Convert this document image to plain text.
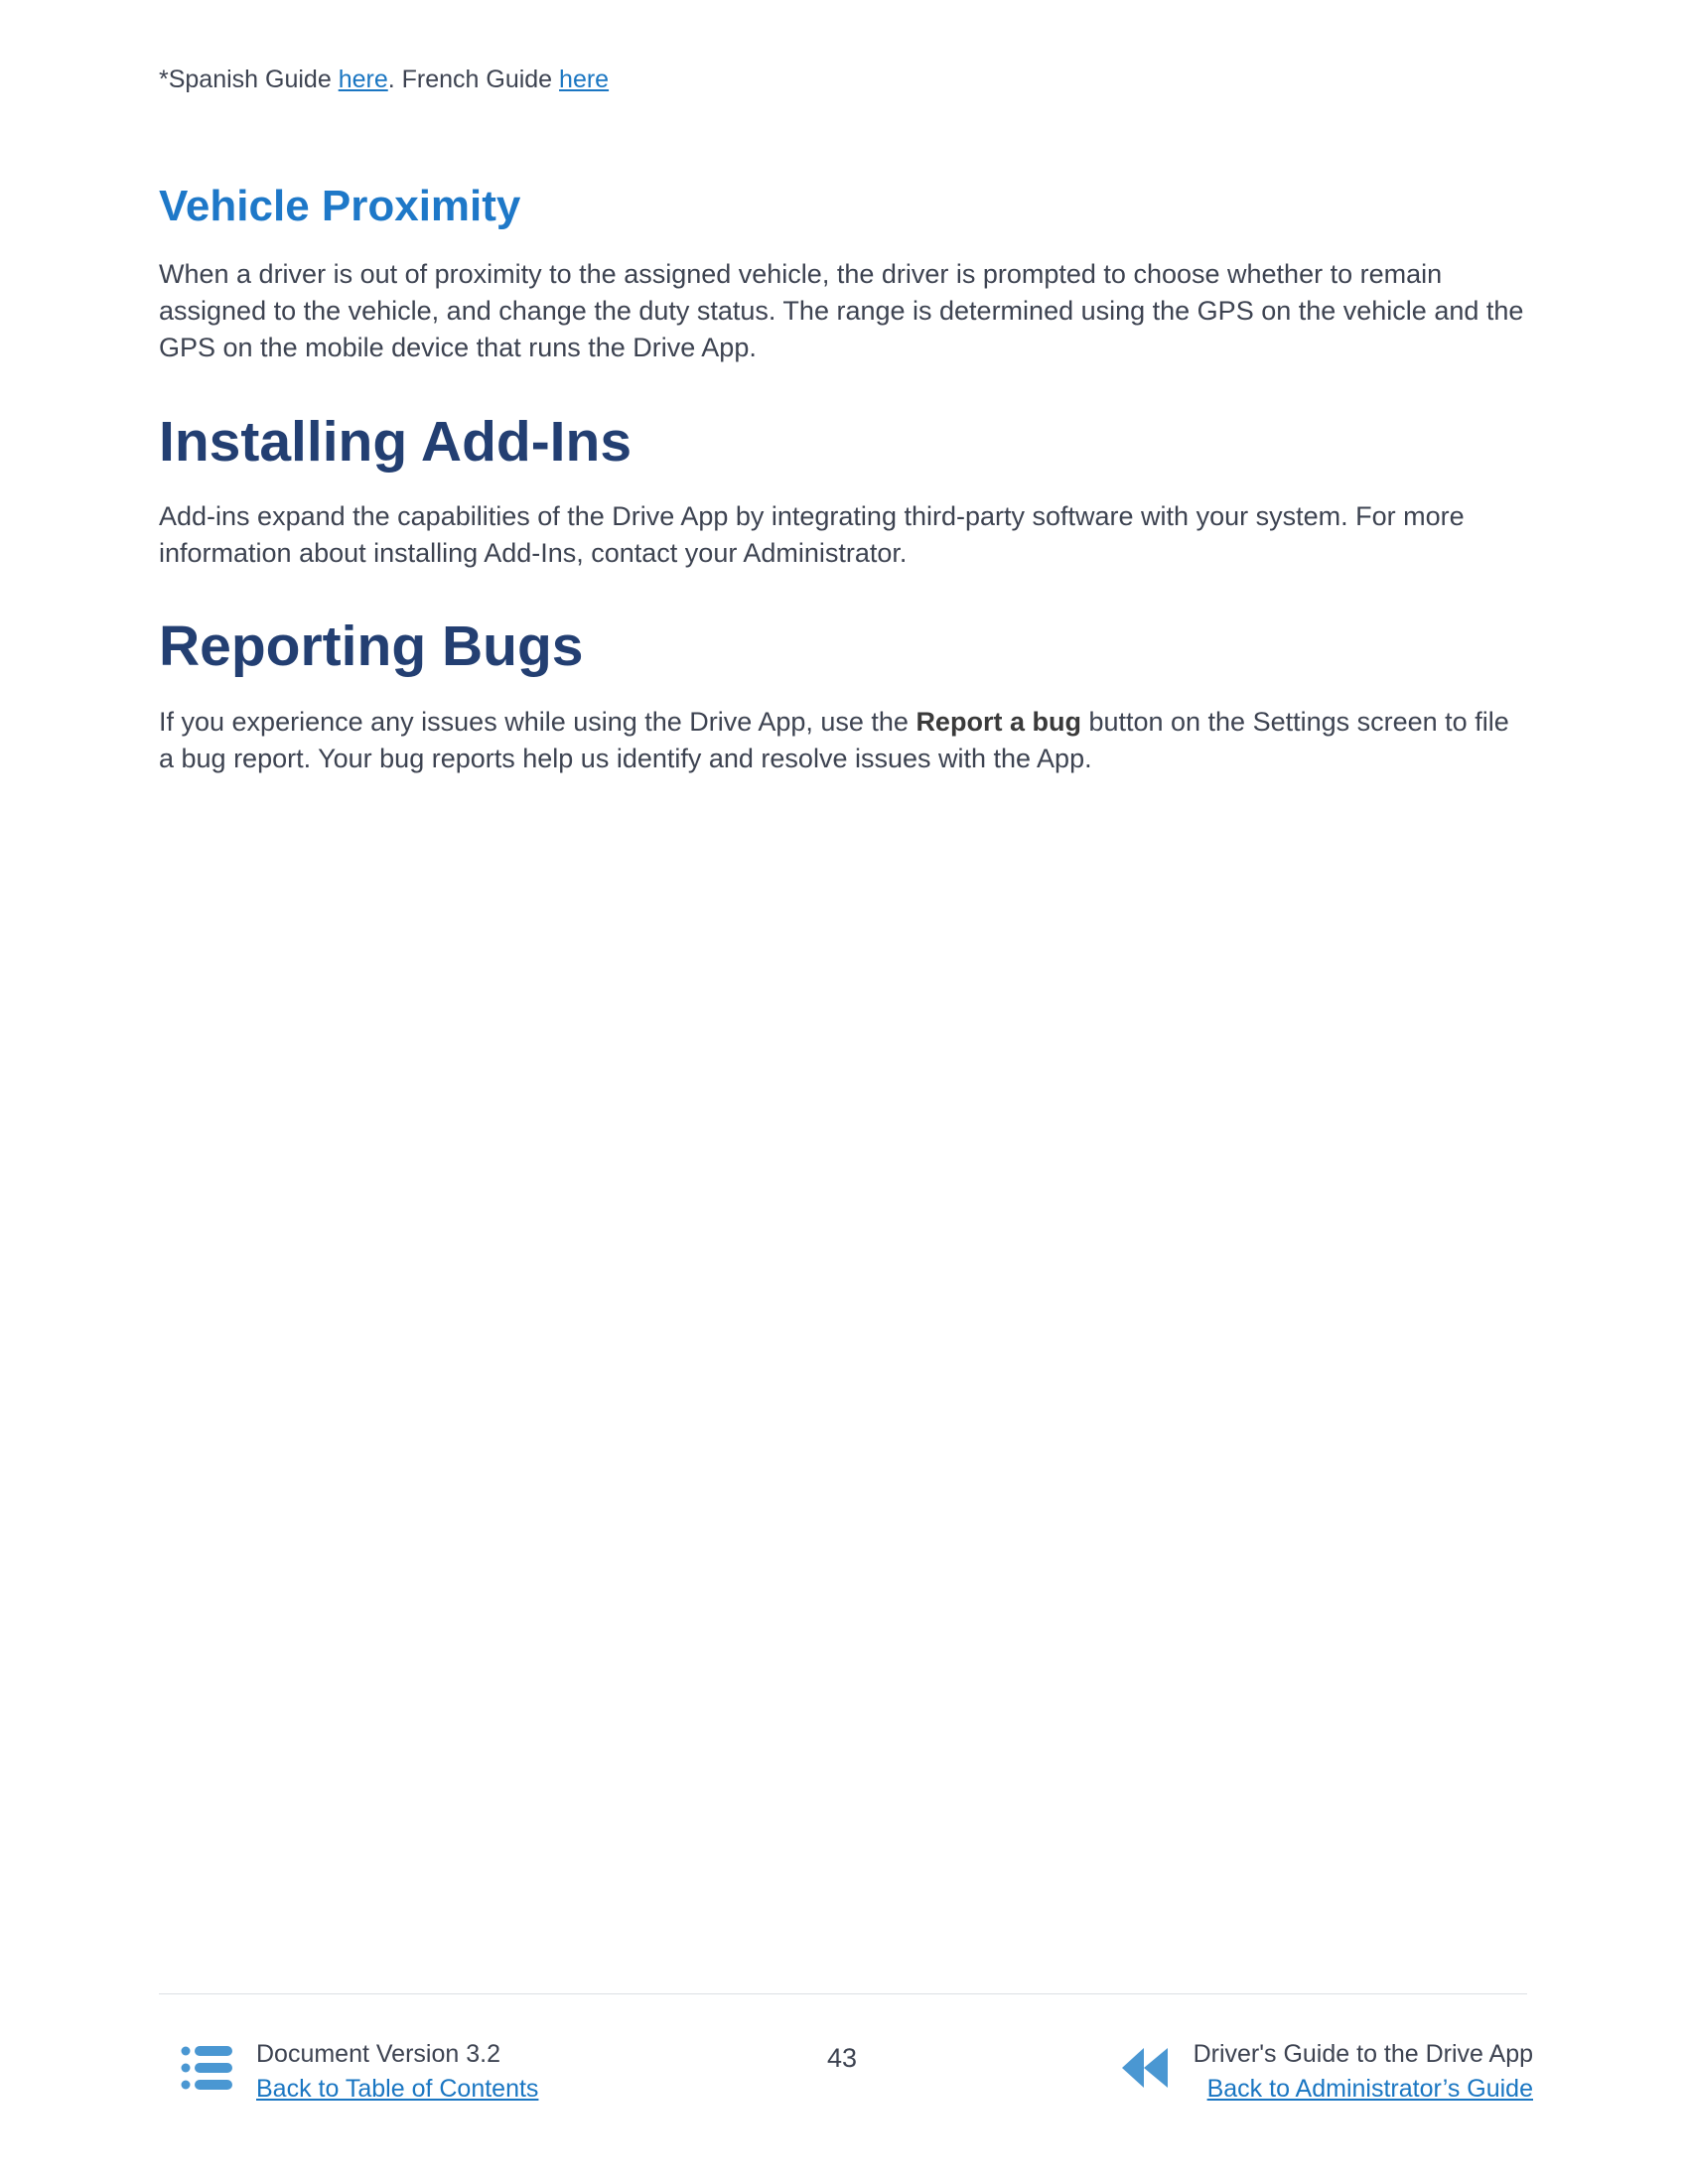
*Spanish Guide here. French Guide here
Vehicle Proximity

When a driver is out of proximity to the assigned vehicle, the driver is prompted to choose whether to remain assigned to the vehicle, and change the duty status. The range is determined using the GPS on the vehicle and the GPS on the mobile device that runs the Drive App.

Installing Add-Ins

Add-ins expand the capabilities of the Drive App by integrating third-party software with your system. For more information about installing Add-Ins, contact your Administrator.

Reporting Bugs

If you experience any issues while using the Drive App, use the Report a bug button on the Settings screen to file a bug report. Your bug reports help us identify and resolve issues with the App.

Document Version 3.2
Back to Table of Contents
43	Driver's Guide to the Drive App
Back to Administrator’s Guide
